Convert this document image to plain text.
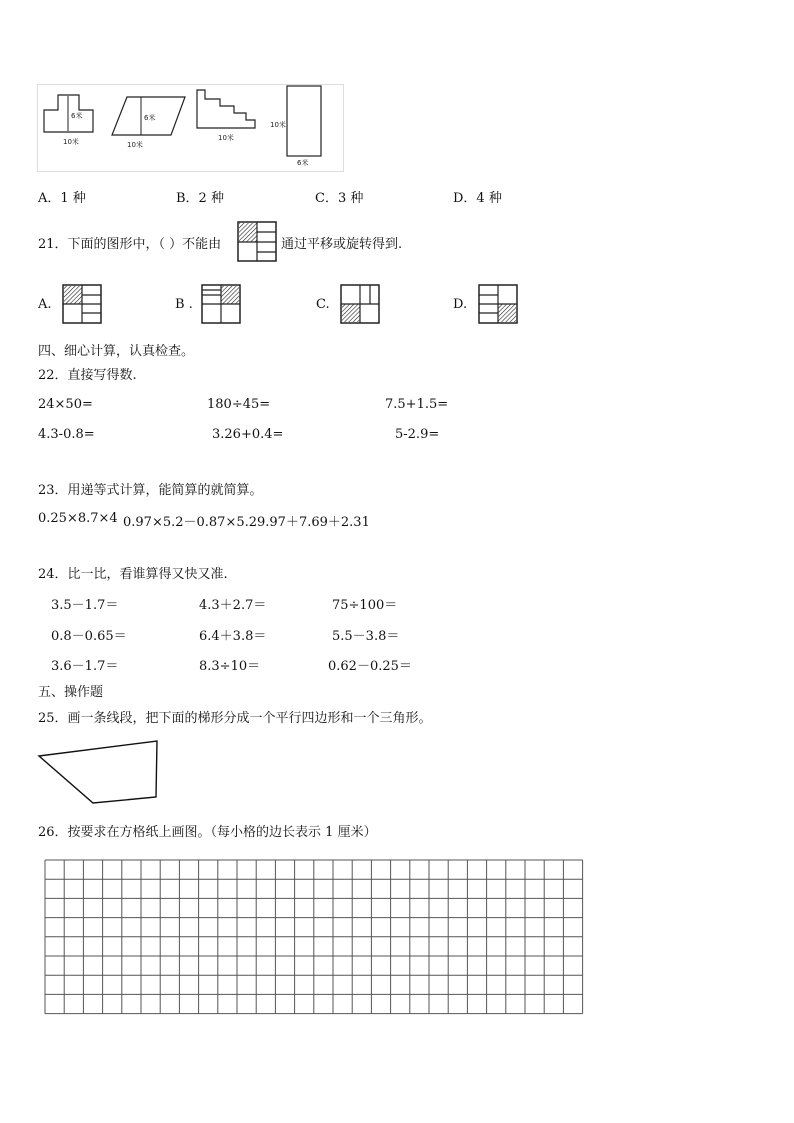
6米
10米
6米
10米
10米
10米
6米
A．1 种	B．2 种	C．3 种	D．4 种
21．下面的图形中，（ ）不能由	通过平移或旋转得到.
A.	B .	C.	D.
四、细心计算，认真检查。
22．直接写得数.
24×50=	180÷45=	7.5+1.5=
4.3-0.8=	3.26+0.4=	5-2.9=
23．用递等式计算，能简算的就简算。
0.25×8.7×4 0.97×5.2－0.87×5.2 9.97＋7.69＋2.31
24．比一比，看谁算得又快又准.
3.5－1.7＝	4.3＋2.7＝	75÷100＝
0.8－0.65＝	6.4＋3.8＝	5.5－3.8＝
3.6－1.7＝	8.3÷10＝	0.62－0.25＝
五、操作题
25．画一条线段，把下面的梯形分成一个平行四边形和一个三角形。
26．按要求在方格纸上画图。（每小格的边长表示 1 厘米）
